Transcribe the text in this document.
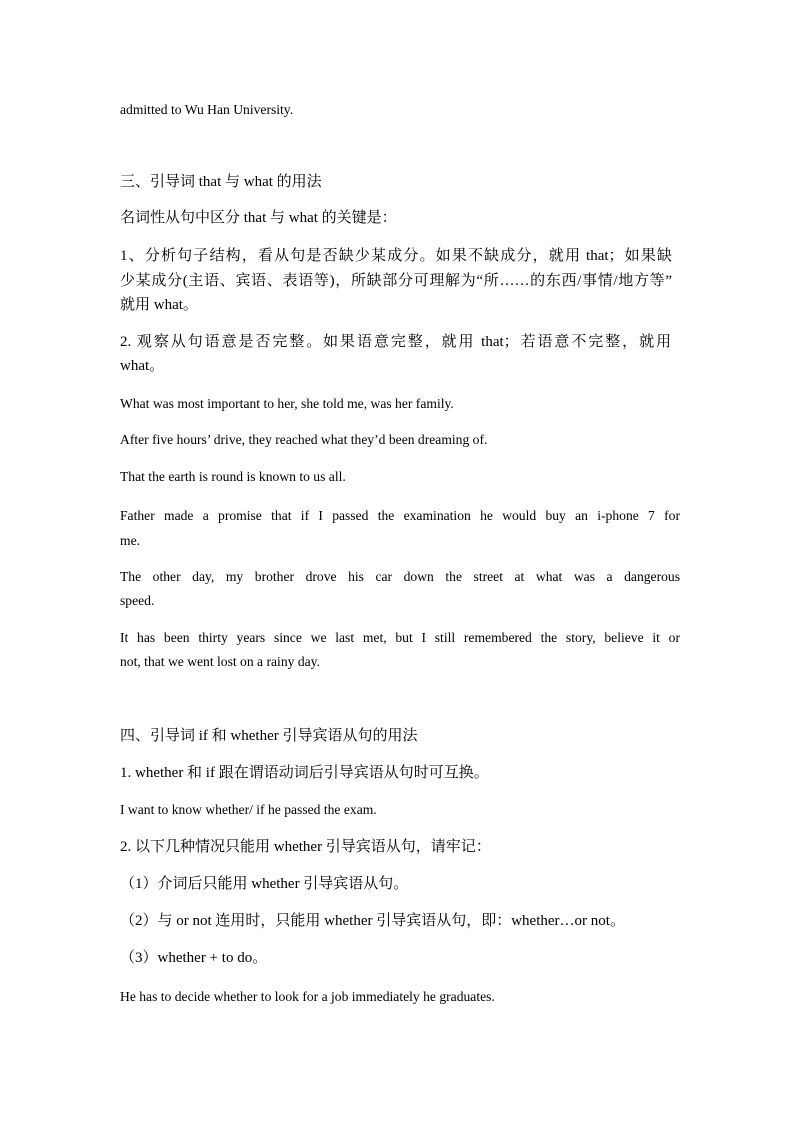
admitted to Wu Han University.
三、引导词 that 与 what 的用法
名词性从句中区分 that 与 what 的关键是：
1、分析句子结构，看从句是否缺少某成分。如果不缺成分，就用 that；如果缺
少某成分(主语、宾语、表语等)，所缺部分可理解为“所……的东西/事情/地方等”
就用 what。
2. 观察从句语意是否完整。如果语意完整，就用 that；若语意不完整，就用
what。
What was most important to her, she told me, was her family.
After five hours’ drive, they reached what they’d been dreaming of.
That the earth is round is known to us all.
Father made a promise that if I passed the examination he would buy an i-phone 7 for
me.
The other day, my brother drove his car down the street at what was a dangerous
speed.
It has been thirty years since we last met, but I still remembered the story, believe it or
not, that we went lost on a rainy day.
四、引导词 if 和 whether 引导宾语从句的用法
1. whether 和 if 跟在谓语动词后引导宾语从句时可互换。
I want to know whether/ if he passed the exam.
2. 以下几种情况只能用 whether 引导宾语从句，请牢记：
（1）介词后只能用 whether 引导宾语从句。
（2）与 or not 连用时，只能用 whether 引导宾语从句，即：whether…or not。
（3）whether + to do。
He has to decide whether to look for a job immediately he graduates.
